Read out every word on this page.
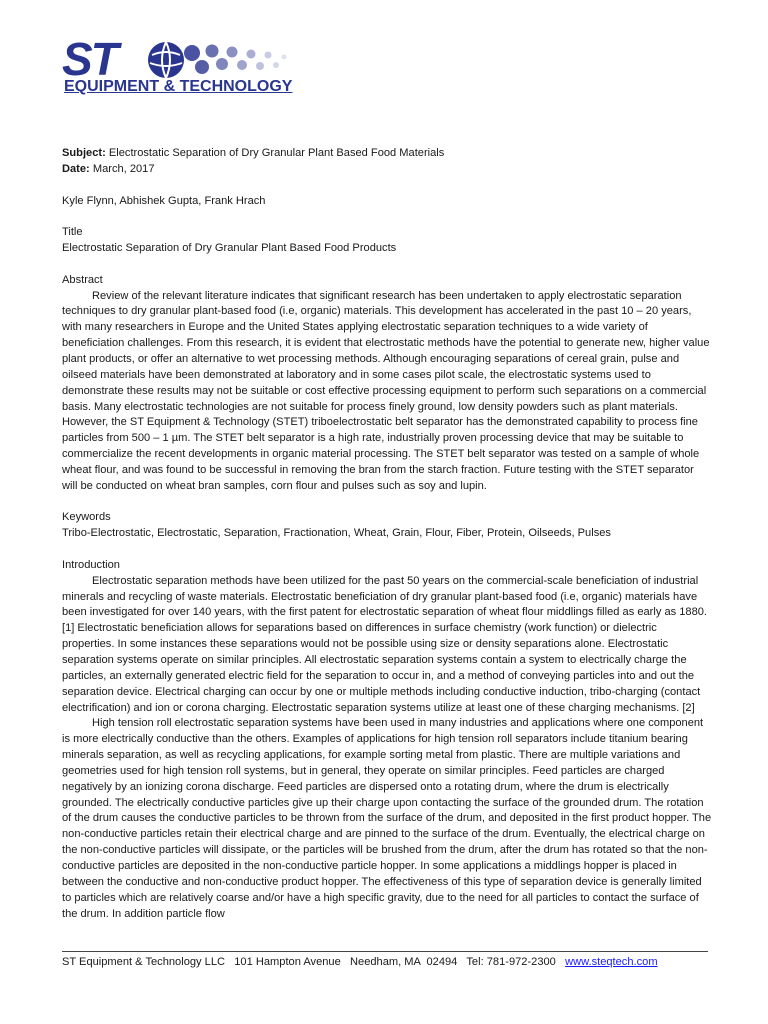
ST
EQUIPMENT & TECHNOLOGY

Subject: Electrostatic Separation of Dry Granular Plant Based Food Materials

Date: March, 2017

Kyle Flynn, Abhishek Gupta, Frank Hrach

Title

Electrostatic Separation of Dry Granular Plant Based Food Products

Abstract

Review of the relevant literature indicates that significant research has been undertaken to apply electrostatic separation techniques to dry granular plant-based food (i.e, organic) materials. This development has accelerated in the past 10 – 20 years, with many researchers in Europe and the United States applying electrostatic separation techniques to a wide variety of beneficiation challenges. From this research, it is evident that electrostatic methods have the potential to generate new, higher value plant products, or offer an alternative to wet processing methods. Although encouraging separations of cereal grain, pulse and oilseed materials have been demonstrated at laboratory and in some cases pilot scale, the electrostatic systems used to demonstrate these results may not be suitable or cost effective processing equipment to perform such separations on a commercial basis. Many electrostatic technologies are not suitable for process finely ground, low density powders such as plant materials. However, the ST Equipment & Technology (STET) triboelectrostatic belt separator has the demonstrated capability to process fine particles from 500 – 1 µm. The STET belt separator is a high rate, industrially proven processing device that may be suitable to commercialize the recent developments in organic material processing. The STET belt separator was tested on a sample of whole wheat flour, and was found to be successful in removing the bran from the starch fraction. Future testing with the STET separator will be conducted on wheat bran samples, corn flour and pulses such as soy and lupin.

Keywords

Tribo-Electrostatic, Electrostatic, Separation, Fractionation, Wheat, Grain, Flour, Fiber, Protein, Oilseeds, Pulses

Introduction

Electrostatic separation methods have been utilized for the past 50 years on the commercial-scale beneficiation of industrial minerals and recycling of waste materials. Electrostatic beneficiation of dry granular plant-based food (i.e, organic) materials have been investigated for over 140 years, with the first patent for electrostatic separation of wheat flour middlings filled as early as 1880. [1] Electrostatic beneficiation allows for separations based on differences in surface chemistry (work function) or dielectric properties. In some instances these separations would not be possible using size or density separations alone. Electrostatic separation systems operate on similar principles. All electrostatic separation systems contain a system to electrically charge the particles, an externally generated electric field for the separation to occur in, and a method of conveying particles into and out the separation device. Electrical charging can occur by one or multiple methods including conductive induction, tribo-charging (contact electrification) and ion or corona charging. Electrostatic separation systems utilize at least one of these charging mechanisms. [2]

High tension roll electrostatic separation systems have been used in many industries and applications where one component is more electrically conductive than the others. Examples of applications for high tension roll separators include titanium bearing minerals separation, as well as recycling applications, for example sorting metal from plastic. There are multiple variations and geometries used for high tension roll systems, but in general, they operate on similar principles. Feed particles are charged negatively by an ionizing corona discharge. Feed particles are dispersed onto a rotating drum, where the drum is electrically grounded. The electrically conductive particles give up their charge upon contacting the surface of the grounded drum. The rotation of the drum causes the conductive particles to be thrown from the surface of the drum, and deposited in the first product hopper. The non-conductive particles retain their electrical charge and are pinned to the surface of the drum. Eventually, the electrical charge on the non-conductive particles will dissipate, or the particles will be brushed from the drum, after the drum has rotated so that the non-conductive particles are deposited in the non-conductive particle hopper. In some applications a middlings hopper is placed in between the conductive and non-conductive product hopper. The effectiveness of this type of separation device is generally limited to particles which are relatively coarse and/or have a high specific gravity, due to the need for all particles to contact the surface of the drum. In addition particle flow

ST Equipment & Technology LLC 101 Hampton Avenue Needham, MA  02494 Tel: 781-972-2300 www.steqtech.com
